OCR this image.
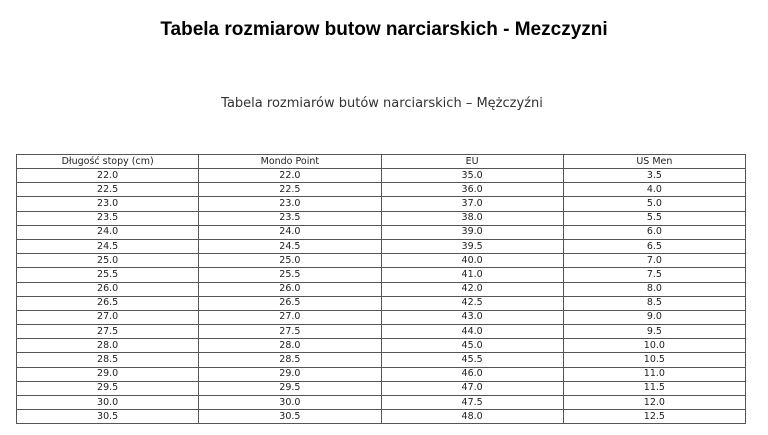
Tabela rozmiarow butow narciarskich - Mezczyzni
Tabela rozmiarów butów narciarskich – Mężczyźni
Długość stopy (cm)	Mondo Point	EU	US Men
22.0	22.0	35.0	3.5
22.5	22.5	36.0	4.0
23.0	23.0	37.0	5.0
23.5	23.5	38.0	5.5
24.0	24.0	39.0	6.0
24.5	24.5	39.5	6.5
25.0	25.0	40.0	7.0
25.5	25.5	41.0	7.5
26.0	26.0	42.0	8.0
26.5	26.5	42.5	8.5
27.0	27.0	43.0	9.0
27.5	27.5	44.0	9.5
28.0	28.0	45.0	10.0
28.5	28.5	45.5	10.5
29.0	29.0	46.0	11.0
29.5	29.5	47.0	11.5
30.0	30.0	47.5	12.0
30.5	30.5	48.0	12.5
